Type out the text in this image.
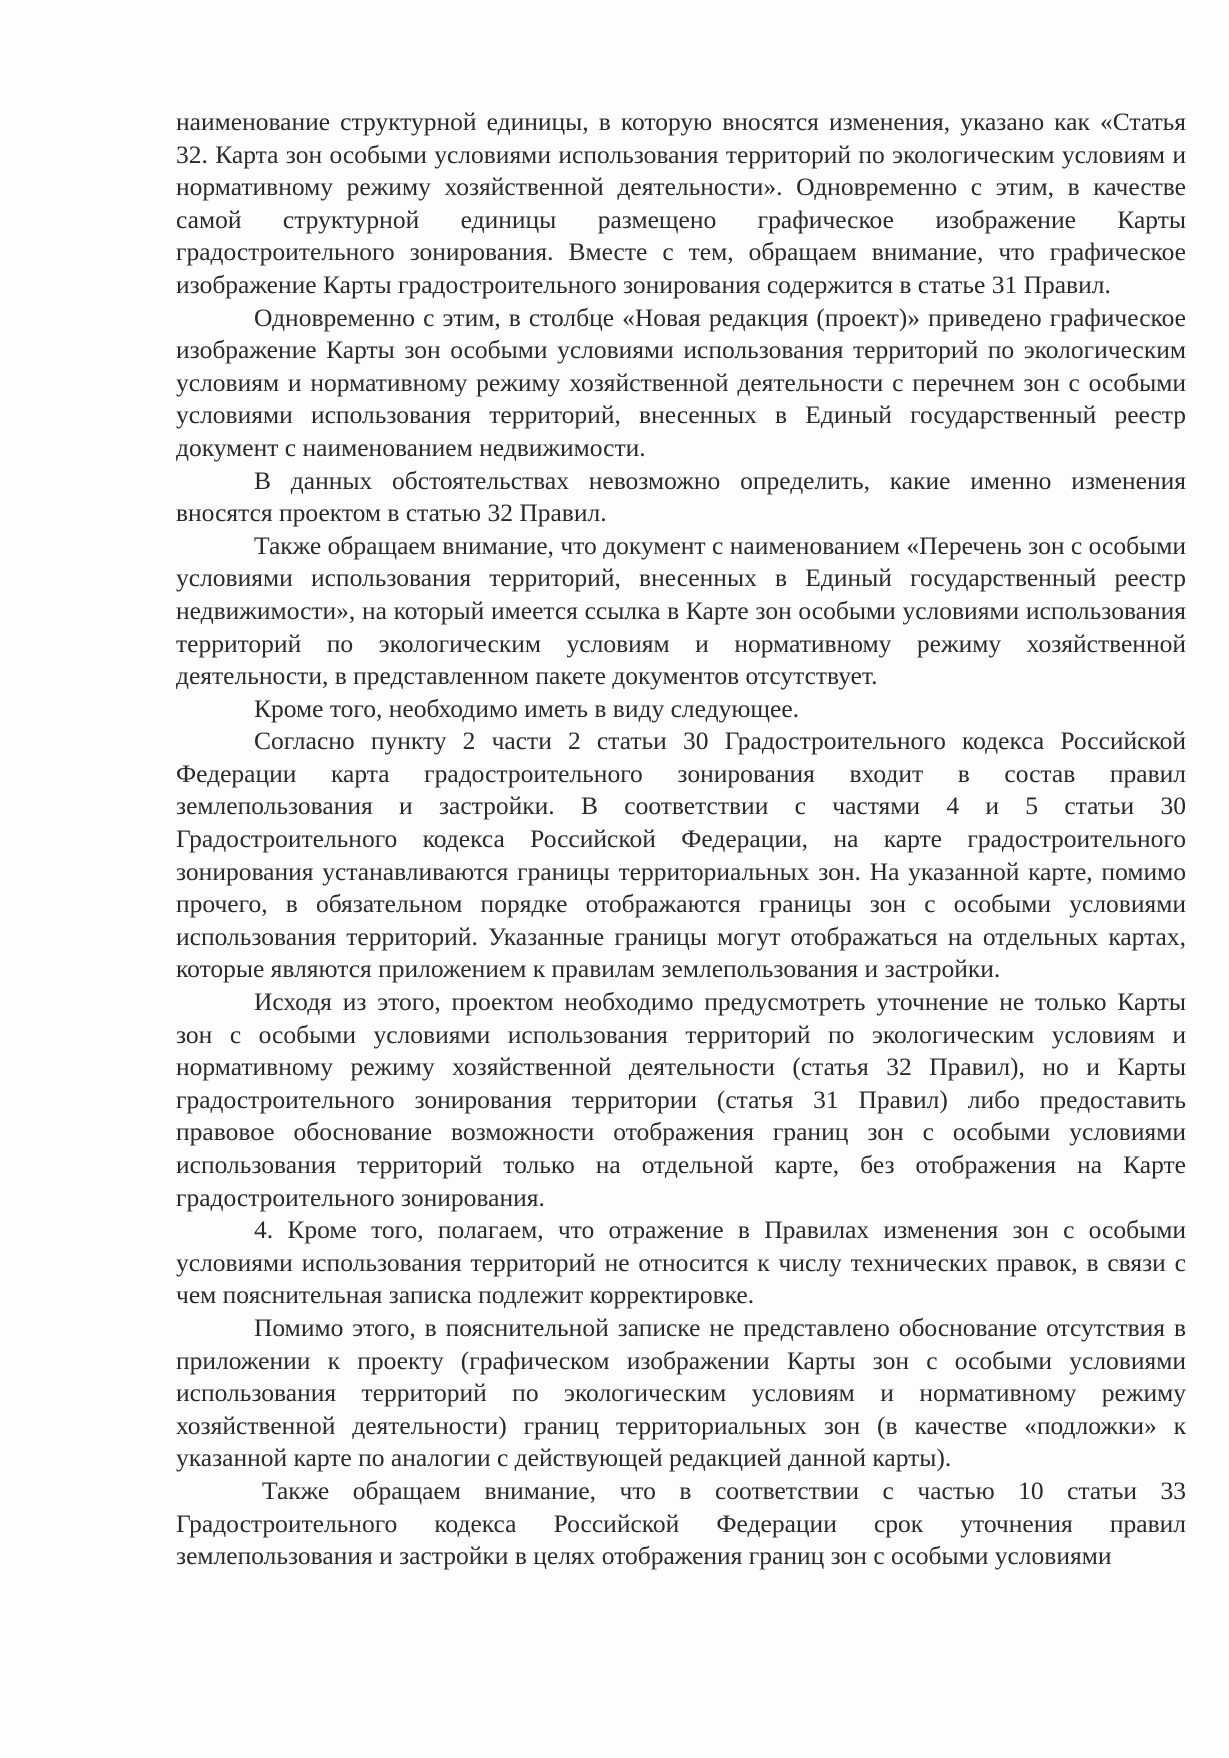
наименование структурной единицы, в которую вносятся изменения, указано как «Статья 32. Карта зон особыми условиями использования территорий по экологическим условиям и нормативному режиму хозяйственной деятельности». Одновременно с этим, в качестве самой структурной единицы размещено графическое изображение Карты градостроительного зонирования. Вместе с тем, обращаем внимание, что графическое изображение Карты градостроительного зонирования содержится в статье 31 Правил.

Одновременно с этим, в столбце «Новая редакция (проект)» приведено графическое изображение Карты зон особыми условиями использования территорий по экологическим условиям и нормативному режиму хозяйственной деятельности с перечнем зон с особыми условиями использования территорий, внесенных в Единый государственный реестр документ с наименованием недвижимости.

В данных обстоятельствах невозможно определить, какие именно изменения вносятся проектом в статью 32 Правил.

Также обращаем внимание, что документ с наименованием «Перечень зон с особыми условиями использования территорий, внесенных в Единый государственный реестр недвижимости», на который имеется ссылка в Карте зон особыми условиями использования территорий по экологическим условиям и нормативному режиму хозяйственной деятельности, в представленном пакете документов отсутствует.

Кроме того, необходимо иметь в виду следующее.

Согласно пункту 2 части 2 статьи 30 Градостроительного кодекса Российской Федерации карта градостроительного зонирования входит в состав правил землепользования и застройки. В соответствии с частями 4 и 5 статьи 30 Градостроительного кодекса Российской Федерации, на карте градостроительного зонирования устанавливаются границы территориальных зон. На указанной карте, помимо прочего, в обязательном порядке отображаются границы зон с особыми условиями использования территорий. Указанные границы могут отображаться на отдельных картах, которые являются приложением к правилам землепользования и застройки.

Исходя из этого, проектом необходимо предусмотреть уточнение не только Карты зон с особыми условиями использования территорий по экологическим условиям и нормативному режиму хозяйственной деятельности (статья 32 Правил), но и Карты градостроительного зонирования территории (статья 31 Правил) либо предоставить правовое обоснование возможности отображения границ зон с особыми условиями использования территорий только на отдельной карте, без отображения на Карте градостроительного зонирования.

4. Кроме того, полагаем, что отражение в Правилах изменения зон с особыми условиями использования территорий не относится к числу технических правок, в связи с чем пояснительная записка подлежит корректировке.

Помимо этого, в пояснительной записке не представлено обоснование отсутствия в приложении к проекту (графическом изображении Карты зон с особыми условиями использования территорий по экологическим условиям и нормативному режиму хозяйственной деятельности) границ территориальных зон (в качестве «подложки» к указанной карте по аналогии с действующей редакцией данной карты).

Также обращаем внимание, что в соответствии с частью 10 статьи 33 Градостроительного кодекса Российской Федерации срок уточнения правил землепользования и застройки в целях отображения границ зон с особыми условиями
